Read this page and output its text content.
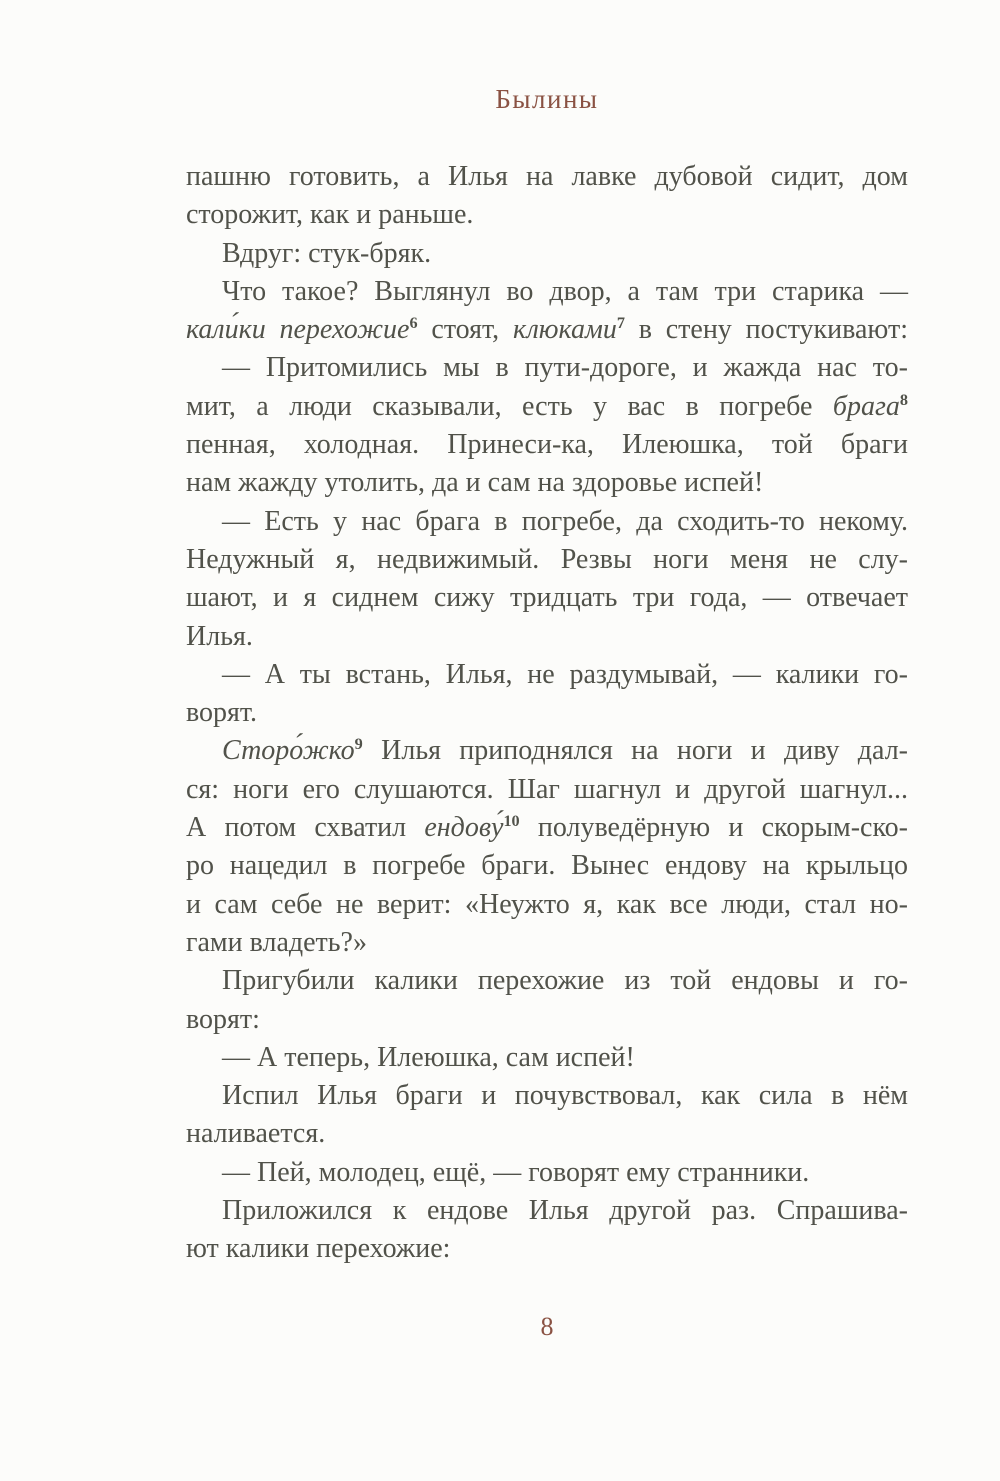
Былины
пашню готовить, а Илья на лавке дубовой сидит, дом
сторожит, как и раньше.
Вдруг: стук-бряк.
Что такое? Выглянул во двор, а там три старика —
кали́ки перехожие$^6$ стоят, клюками$^7$ в стену постукивают:
— Притомились мы в пути-дороге, и жажда нас то-
мит, а люди сказывали, есть у вас в погребе брага$^8$
пенная, холодная. Принеси-ка, Илеюшка, той браги
нам жажду утолить, да и сам на здоровье испей!
— Есть у нас брага в погребе, да сходить-то некому.
Недужный я, недвижимый. Резвы ноги меня не слу-
шают, и я сиднем сижу тридцать три года, — отвечает
Илья.
— А ты встань, Илья, не раздумывай, — калики го-
ворят.
Сторо́жко$^9$ Илья приподнялся на ноги и диву дал-
ся: ноги его слушаются. Шаг шагнул и другой шагнул...
А потом схватил ендову́$^{10}$ полуведёрную и скорым-ско-
ро нацедил в погребе браги. Вынес ендову на крыльцо
и сам себе не верит: «Неужто я, как все люди, стал но-
гами владеть?»
Пригубили калики перехожие из той ендовы и го-
ворят:
— А теперь, Илеюшка, сам испей!
Испил Илья браги и почувствовал, как сила в нём
наливается.
— Пей, молодец, ещё, — говорят ему странники.
Приложился к ендове Илья другой раз. Спрашива-
ют калики перехожие:
8
